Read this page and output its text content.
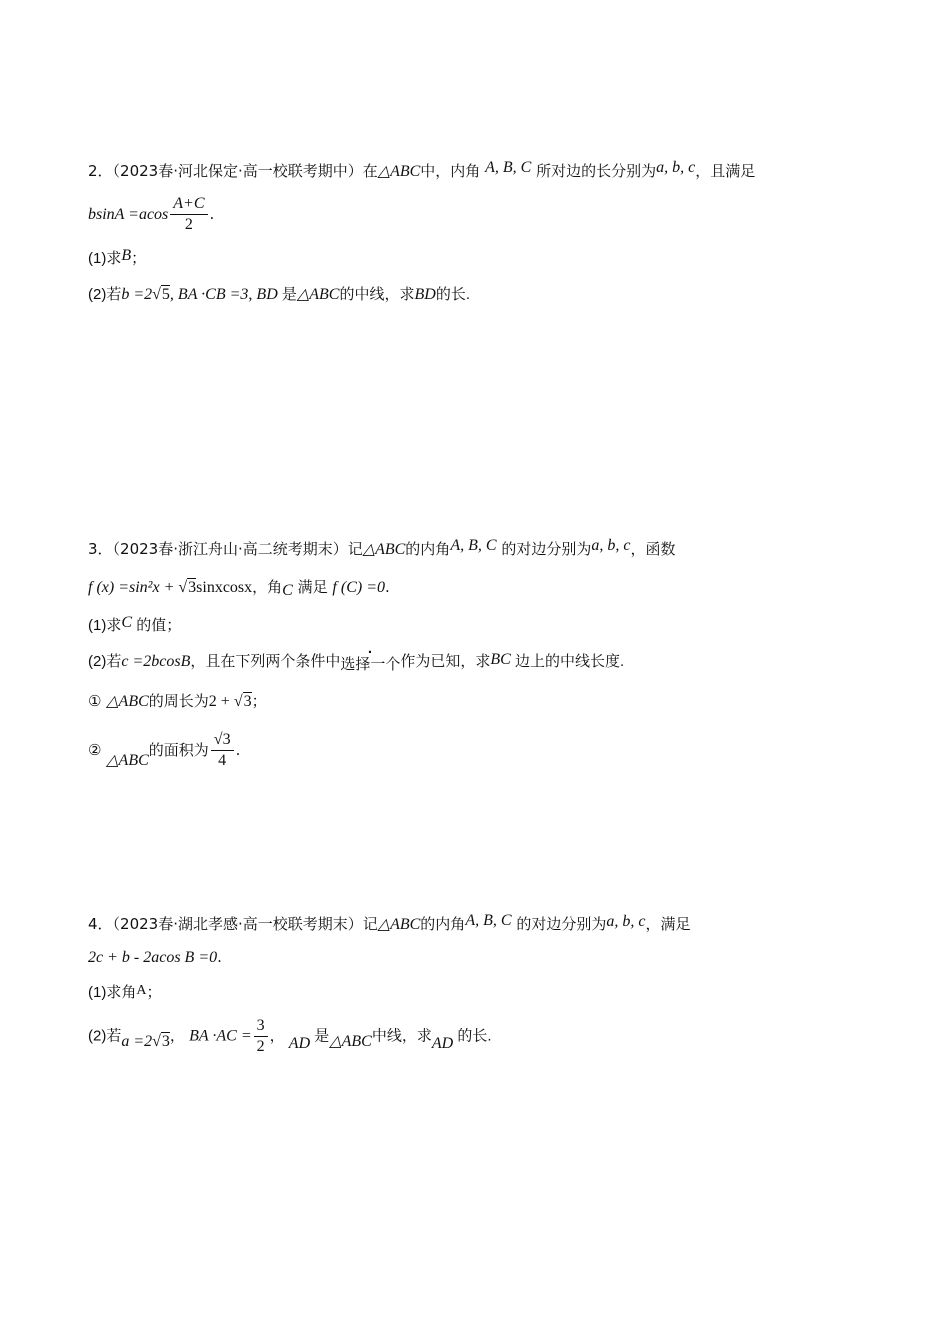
2．（2023春·河北保定·高一校联考期中）在△ABC中，内角 A, B, C 所对边的长分别为a, b, c，且满足
$bsinA =acos \frac{A+C}{2}$ .
(1)求B；
(2)若b =2√5, BA ·CB =3, BD 是△ABC的中线，求BD的长.
3．（2023春·浙江舟山·高二统考期末）记△ABC的内角A, B, C 的对边分别为a, b, c，函数
f (x) =sin²x + √3sinxcosx，角C 满足 f (C) =0.
(1)求C 的值；
(2)若c =2bcosB，且在下列两个条件中选择一个作为已知，求BC 边上的中线长度.
① △ABC的周长为2 + √3；
② △ABC的面积为 $\frac{√3}{4}$ .
4．（2023春·湖北孝感·高一校联考期末）记△ABC的内角A, B, C 的对边分别为a, b, c，满足
2c + b - 2acos B =0.
(1)求角A；
(2)若a =2√3， BA $\cdot AC = \frac{3}{2}$ ， AD 是△ABC中线，求AD 的长.
